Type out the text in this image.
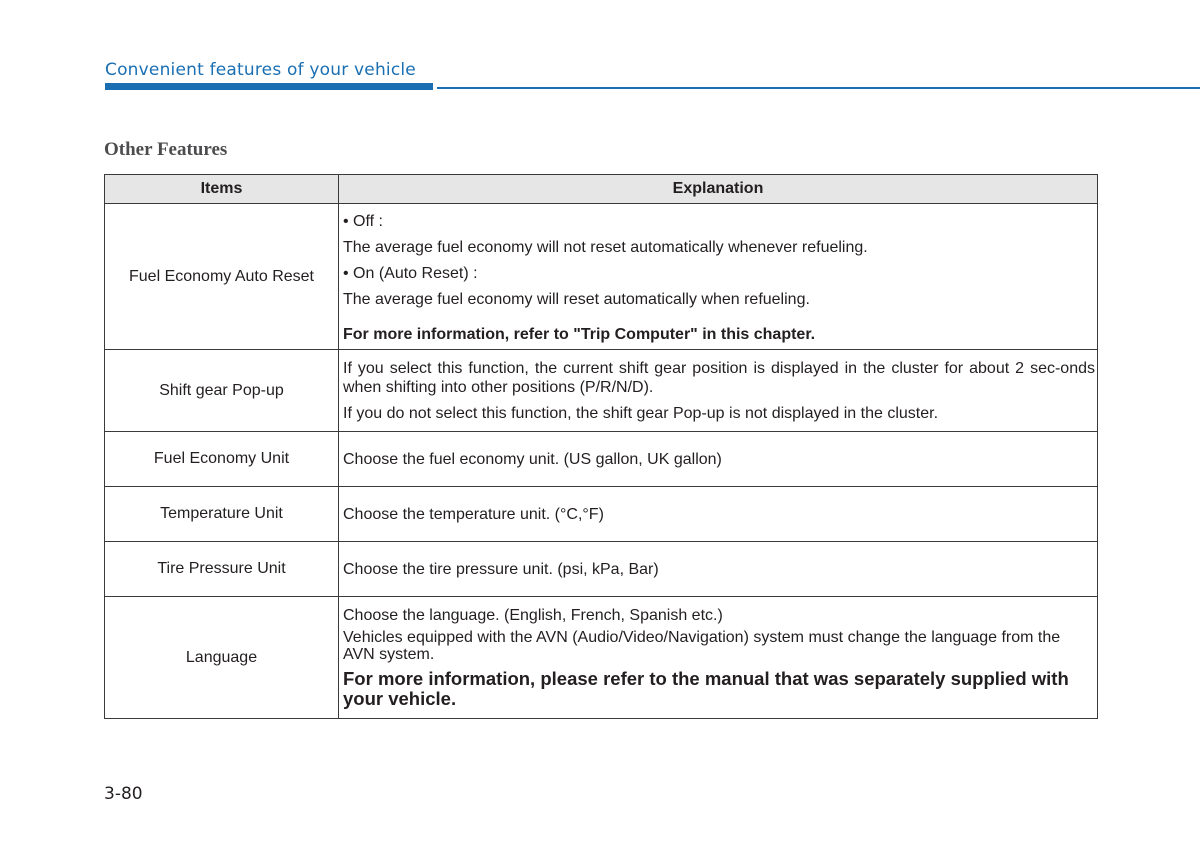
Convenient features of your vehicle
Other Features
Items	Explanation
Fuel Economy Auto Reset	• Off :

The average fuel economy will not reset automatically whenever refueling.

• On (Auto Reset) :

The average fuel economy will reset automatically when refueling.

For more information, refer to "Trip Computer" in this chapter.

Shift gear Pop-up	If you select this function, the current shift gear position is displayed in the cluster for about 2 sec-onds when shifting into other positions (P/R/N/D).

If you do not select this function, the shift gear Pop-up is not displayed in the cluster.

Fuel Economy Unit	Choose the fuel economy unit. (US gallon, UK gallon)
Temperature Unit	Choose the temperature unit. (°C,°F)
Tire Pressure Unit	Choose the tire pressure unit. (psi, kPa, Bar)
Language	Choose the language. (English, French, Spanish etc.)

Vehicles equipped with the AVN (Audio/Video/Navigation) system must change the language from the AVN system.

For more information, please refer to the manual that was separately supplied with your vehicle.

3-80
